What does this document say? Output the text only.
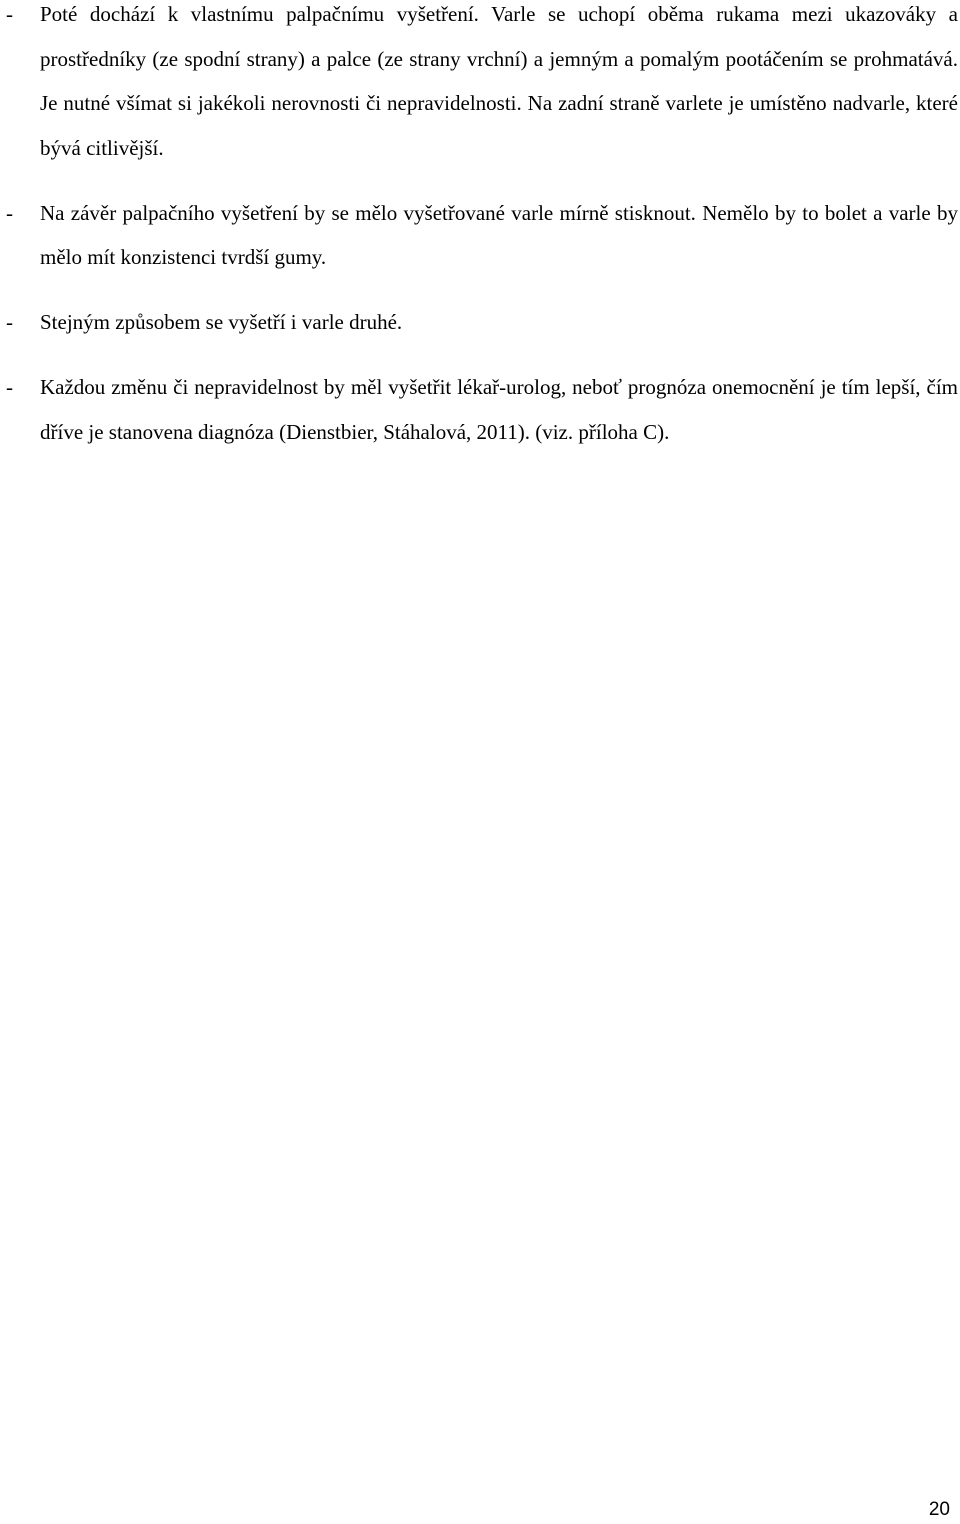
- Poté dochází k vlastnímu palpačnímu vyšetření. Varle se uchopí oběma rukama mezi ukazováky a prostředníky (ze spodní strany) a palce (ze strany vrchní) a jemným a pomalým pootáčením se prohmatává. Je nutné všímat si jakékoli nerovnosti či nepravidelnosti. Na zadní straně varlete je umístěno nadvarle, které bývá citlivější.

- Na závěr palpačního vyšetření by se mělo vyšetřované varle mírně stisknout. Nemělo by to bolet a varle by mělo mít konzistenci tvrdší gumy.

- Stejným způsobem se vyšetří i varle druhé.

- Každou změnu či nepravidelnost by měl vyšetřit lékař-urolog, neboť prognóza onemocnění je tím lepší, čím dříve je stanovena diagnóza (Dienstbier, Stáhalová, 2011). (viz. příloha C).

20
